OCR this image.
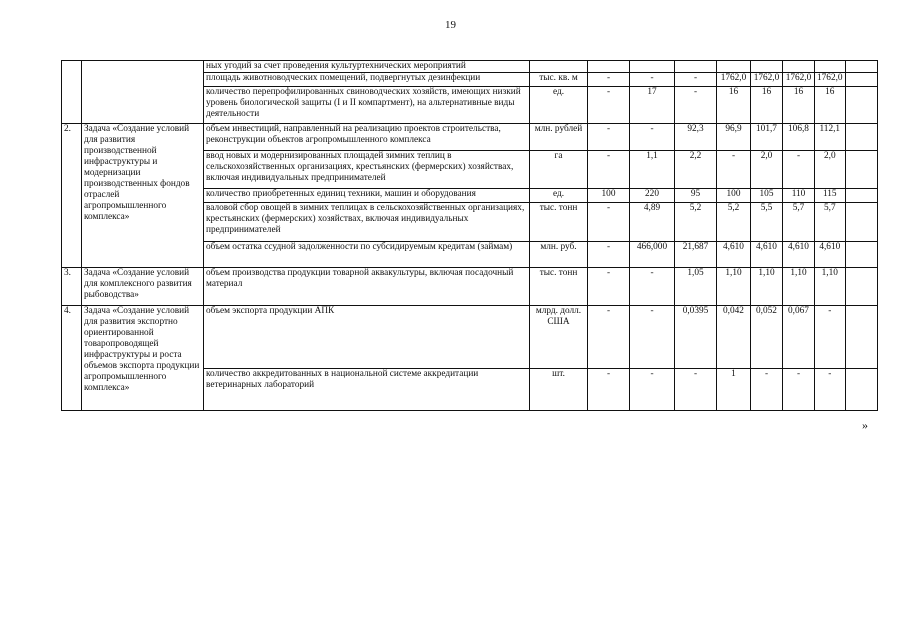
19
		ных угодий за счет проведения культуртехнических мероприятий									
		площадь животноводческих помещений, подвергнутых дезинфекции	тыс. кв. м	-	-	-	1762,0	1762,0	1762,0	1762,0	
		количество перепрофилированных свиноводческих хозяйств, имеющих низкий уровень биологической защиты (I и II компартмент), на альтернативные виды деятельности	ед.	-	17	-	16	16	16	16	
2.	Задача «Создание условий для развития производственной инфраструктуры и модернизации производственных фондов отраслей агропромышленного комплекса»	объем инвестиций, направленный на реализацию проектов строительства, реконструкции объектов агропромышленного комплекса	млн. рублей	-	-	92,3	96,9	101,7	106,8	112,1	
		ввод новых и модернизированных площадей зимних теплиц в сельскохозяйственных организациях, крестьянских (фермерских) хозяйствах, включая индивидуальных предпринимателей	га	-	1,1	2,2	-	2,0	-	2,0	
		количество приобретенных единиц техники, машин и оборудования	ед.	100	220	95	100	105	110	115	
		валовой сбор овощей в зимних теплицах в сельскохозяйственных организациях, крестьянских (фермерских) хозяйствах, включая индивидуальных предпринимателей	тыс. тонн	-	4,89	5,2	5,2	5,5	5,7	5,7	
		объем остатка ссудной задолженности по субсидируемым кредитам (займам)	млн. руб.	-	466,000	21,687	4,610	4,610	4,610	4,610	
3.	Задача «Создание условий для комплексного развития рыбоводства»	объем производства продукции товарной аквакультуры, включая посадочный материал	тыс. тонн	-	-	1,05	1,10	1,10	1,10	1,10	
4.	Задача «Создание условий для развития экспортно ориентированной товаропроводящей инфраструктуры и роста объемов экспорта продукции агропромышленного комплекса»	объем экспорта продукции АПК	млрд. долл. США	-	-	0,0395	0,042	0,052	0,067	-	
		количество аккредитованных в национальной системе аккредитации ветеринарных лабораторий	шт.	-	-	-	1	-	-	-	
»
